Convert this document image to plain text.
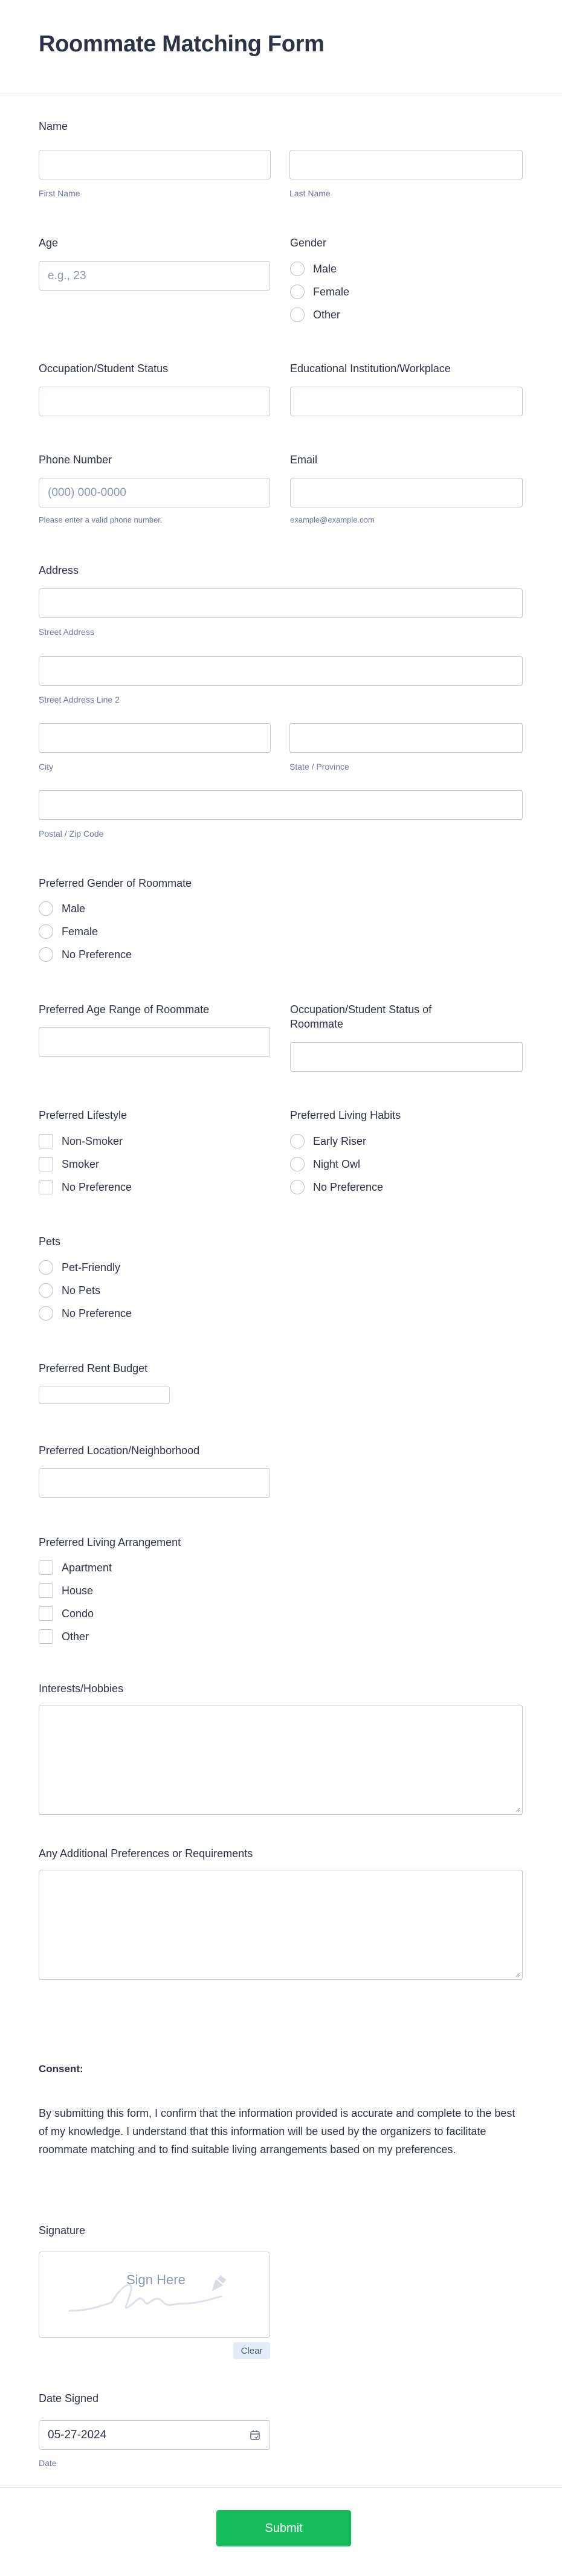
Roommate Matching Form
Name
First Name	Last Name
Age
e.g., 23
Gender
Male
Female
Other
Occupation/Student Status	Educational Institution/Workplace
Phone Number
(000) 000-0000
Please enter a valid phone number.
Email
example@example.com
Address
Street Address
Street Address Line 2
City	State / Province
Postal / Zip Code
Preferred Gender of Roommate
Male
Female
No Preference
Preferred Age Range of Roommate	Occupation/Student Status of
Roommate
Preferred Lifestyle
Non-Smoker
Smoker
No Preference
Preferred Living Habits
Early Riser
Night Owl
No Preference
Pets
Pet-Friendly
No Pets
No Preference
Preferred Rent Budget
Preferred Location/Neighborhood
Preferred Living Arrangement
Apartment
House
Condo
Other
Interests/Hobbies
Any Additional Preferences or Requirements
Consent:
By submitting this form, I confirm that the information provided is accurate and complete to the best of my knowledge. I understand that this information will be used by the organizers to facilitate roommate matching and to find suitable living arrangements based on my preferences.
Signature
Sign Here
Clear
Date Signed
05-27-2024
Date
Submit
